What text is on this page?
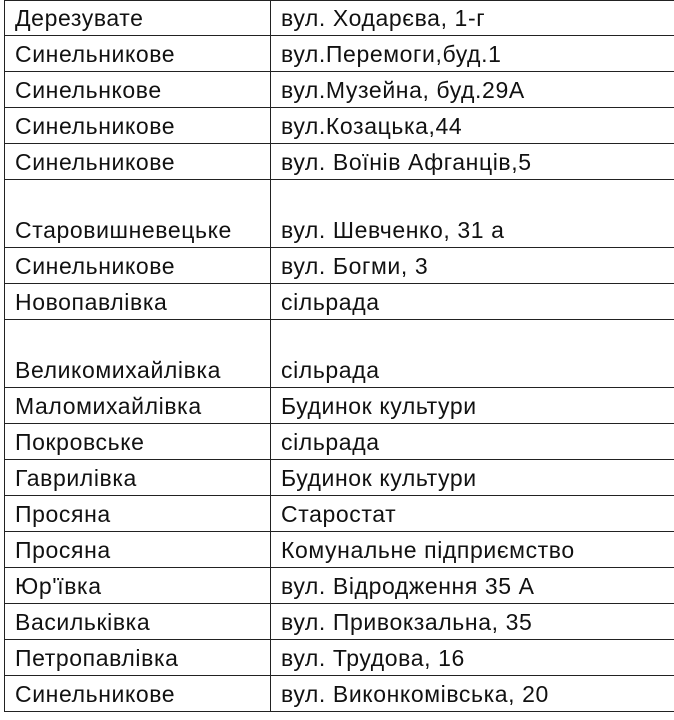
Дерезувате	вул. Ходарєва, 1-г
Синельникове	вул.Перемоги,буд.1
Синельнкове	вул.Музейна, буд.29А
Синельникове	вул.Козацька,44
Синельникове	вул. Воїнів Афганців,5
Старовишневецьке	вул. Шевченко, 31 а
Синельникове	вул. Богми, 3
Новопавлівка	сільрада
Великомихайлівка	сільрада
Маломихайлівка	Будинок культури
Покровське	сільрада
Гаврилівка	Будинок культури
Просяна	Старостат
Просяна	Комунальне підприємство
Юр'ївка	вул. Відродження 35 А
Васильківка	вул. Привокзальна, 35
Петропавлівка	вул. Трудова, 16
Синельникове	вул. Виконкомівська, 20
